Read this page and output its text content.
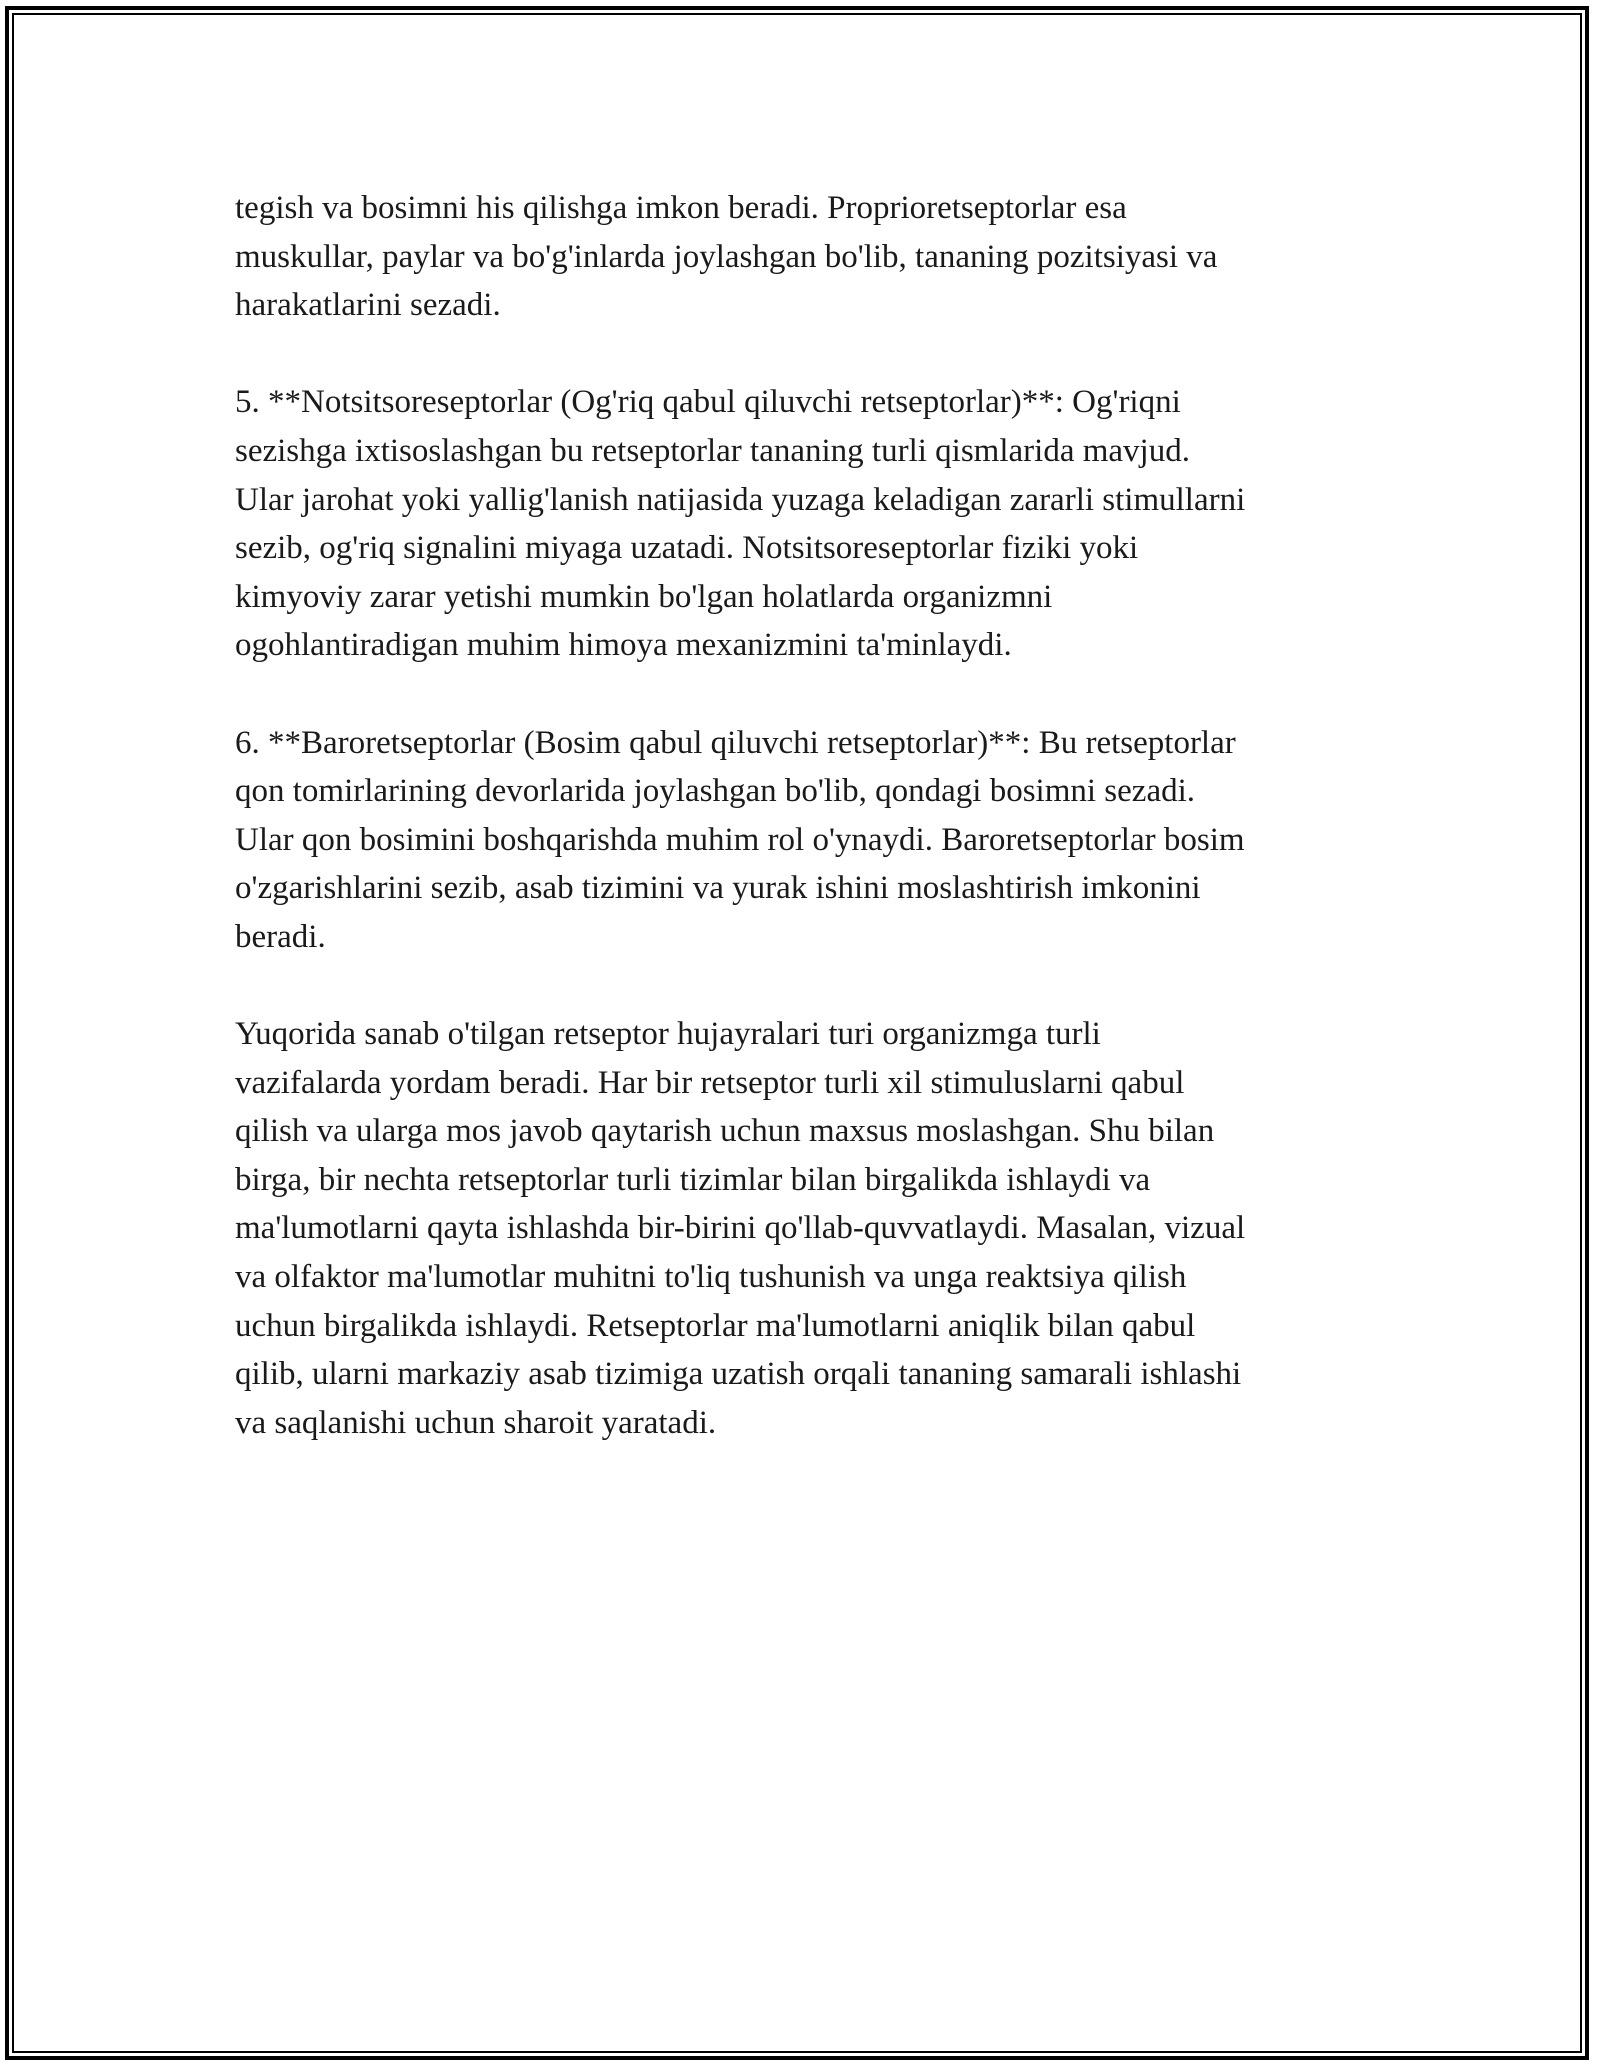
tegish va bosimni his qilishga imkon beradi. Proprioretseptorlar esa
muskullar, paylar va bo'g'inlarda joylashgan bo'lib, tananing pozitsiyasi va
harakatlarini sezadi.

5. **Notsitsoreseptorlar (Og'riq qabul qiluvchi retseptorlar)**: Og'riqni
sezishga ixtisoslashgan bu retseptorlar tananing turli qismlarida mavjud.
Ular jarohat yoki yallig'lanish natijasida yuzaga keladigan zararli stimullarni
sezib, og'riq signalini miyaga uzatadi. Notsitsoreseptorlar fiziki yoki
kimyoviy zarar yetishi mumkin bo'lgan holatlarda organizmni
ogohlantiradigan muhim himoya mexanizmini ta'minlaydi.

6. **Baroretseptorlar (Bosim qabul qiluvchi retseptorlar)**: Bu retseptorlar
qon tomirlarining devorlarida joylashgan bo'lib, qondagi bosimni sezadi.
Ular qon bosimini boshqarishda muhim rol o'ynaydi. Baroretseptorlar bosim
o'zgarishlarini sezib, asab tizimini va yurak ishini moslashtirish imkonini
beradi.

Yuqorida sanab o'tilgan retseptor hujayralari turi organizmga turli
vazifalarda yordam beradi. Har bir retseptor turli xil stimuluslarni qabul
qilish va ularga mos javob qaytarish uchun maxsus moslashgan. Shu bilan
birga, bir nechta retseptorlar turli tizimlar bilan birgalikda ishlaydi va
ma'lumotlarni qayta ishlashda bir-birini qo'llab-quvvatlaydi. Masalan, vizual
va olfaktor ma'lumotlar muhitni to'liq tushunish va unga reaktsiya qilish
uchun birgalikda ishlaydi. Retseptorlar ma'lumotlarni aniqlik bilan qabul
qilib, ularni markaziy asab tizimiga uzatish orqali tananing samarali ishlashi
va saqlanishi uchun sharoit yaratadi.
